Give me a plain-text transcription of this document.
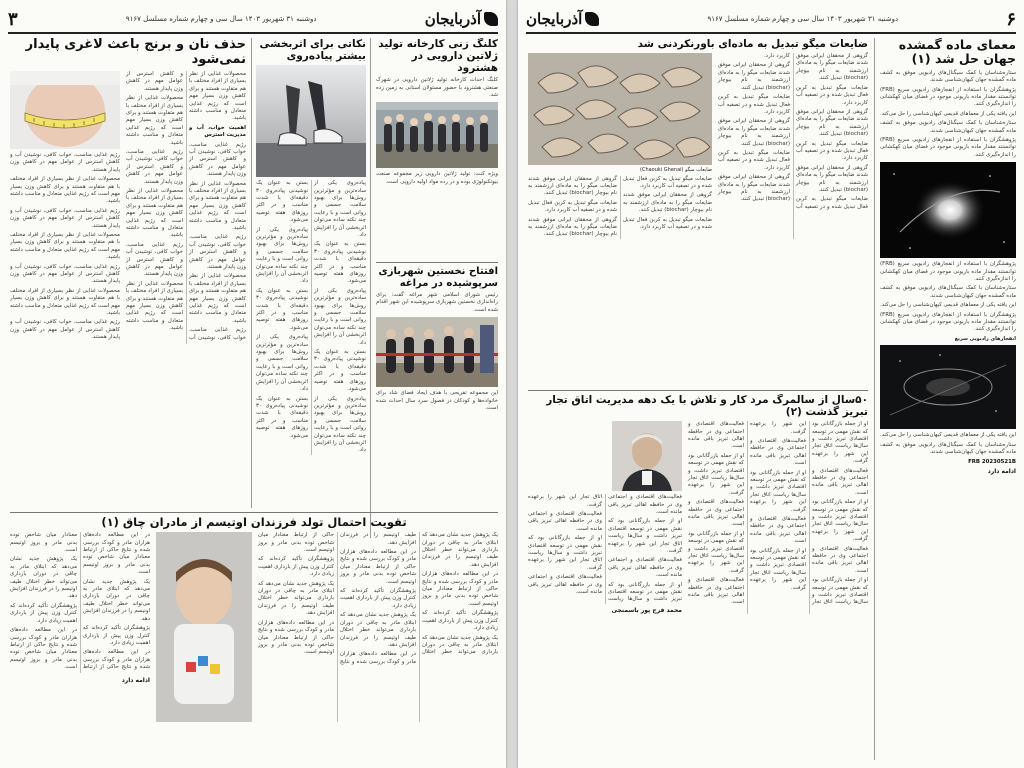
آذربایجان
دوشنبه ۳۱ شهریور ۱۴۰۳ سال سی و چهارم شماره مسلسل ۹۱۶۷
۳
کلنگ زنی کارخانه تولید ژلاتین دارویی در هشترود

کلنگ احداث کارخانه تولید ژلاتین دارویی در شهرک صنعتی هشترود با حضور مسئولان استانی به زمین زده شد.

ویژه کنت: تولید ژلاتین دارویی زیر مجموعه صنعت بیوتکنولوژی بوده و در رده مواد اولیه دارویی است.

افتتاح نخستین شهربازی سرپوشیده در مراغه

رئیس شورای اسلامی شهر مراغه گفت: برای راه‌اندازی نخستین شهربازی سرپوشیده این شهر اقدام شده است.

این مجموعه تفریحی با هدف ایجاد فضای شاد برای خانواده‌ها و کودکان در فصول سرد سال احداث شده است.

نکاتی برای اثربخشی بیشتر پیاده‌روی

پیاده‌روی یکی از ساده‌ترین و مؤثرترین روش‌ها برای بهبود سلامت جسمی و روانی است و با رعایت چند نکته ساده می‌توان اثربخشی آن را افزایش داد.

بستن به عنوان یک نوشیدنی پیاده‌روی ۳۰ دقیقه‌ای با شدت مناسب و در اکثر روزهای هفته توصیه می‌شود.

پیاده‌روی یکی از ساده‌ترین و مؤثرترین روش‌ها برای بهبود سلامت جسمی و روانی است و با رعایت چند نکته ساده می‌توان اثربخشی آن را افزایش داد.

بستن به عنوان یک نوشیدنی پیاده‌روی ۳۰ دقیقه‌ای با شدت مناسب و در اکثر روزهای هفته توصیه می‌شود.

پیاده‌روی یکی از ساده‌ترین و مؤثرترین روش‌ها برای بهبود سلامت جسمی و روانی است و با رعایت چند نکته ساده می‌توان اثربخشی آن را افزایش داد.

بستن به عنوان یک نوشیدنی پیاده‌روی ۳۰ دقیقه‌ای با شدت مناسب و در اکثر روزهای هفته توصیه می‌شود.

پیاده‌روی یکی از ساده‌ترین و مؤثرترین روش‌ها برای بهبود سلامت جسمی و روانی است و با رعایت چند نکته ساده می‌توان اثربخشی آن را افزایش داد.

بستن به عنوان یک نوشیدنی پیاده‌روی ۳۰ دقیقه‌ای با شدت مناسب و در اکثر روزهای هفته توصیه می‌شود.

پیاده‌روی یکی از ساده‌ترین و مؤثرترین روش‌ها برای بهبود سلامت جسمی و روانی است و با رعایت چند نکته ساده می‌توان اثربخشی آن را افزایش داد.

بستن به عنوان یک نوشیدنی پیاده‌روی ۳۰ دقیقه‌ای با شدت مناسب و در اکثر روزهای هفته توصیه می‌شود.

حذف نان و برنج باعث لاغری پایدار نمی‌شود

محصولات غذایی از نظر بسیاری از افراد مختلف با هم متفاوت هستند و برای کاهش وزن بسیار مهم است که رژیم غذایی متعادل و مناسب داشته باشید.

اهمیت خواب، آب و مدیریت استرس

رژیم غذایی مناسب، خواب کافی، نوشیدن آب و کاهش استرس از عوامل مهم در کاهش وزن پایدار هستند.

محصولات غذایی از نظر بسیاری از افراد مختلف با هم متفاوت هستند و برای کاهش وزن بسیار مهم است که رژیم غذایی متعادل و مناسب داشته باشید.

رژیم غذایی مناسب، خواب کافی، نوشیدن آب و کاهش استرس از عوامل مهم در کاهش وزن پایدار هستند.

محصولات غذایی از نظر بسیاری از افراد مختلف با هم متفاوت هستند و برای کاهش وزن بسیار مهم است که رژیم غذایی متعادل و مناسب داشته باشید.

رژیم غذایی مناسب، خواب کافی، نوشیدن آب و کاهش استرس از عوامل مهم در کاهش وزن پایدار هستند.

محصولات غذایی از نظر بسیاری از افراد مختلف با هم متفاوت هستند و برای کاهش وزن بسیار مهم است که رژیم غذایی متعادل و مناسب داشته باشید.

رژیم غذایی مناسب، خواب کافی، نوشیدن آب و کاهش استرس از عوامل مهم در کاهش وزن پایدار هستند.

محصولات غذایی از نظر بسیاری از افراد مختلف با هم متفاوت هستند و برای کاهش وزن بسیار مهم است که رژیم غذایی متعادل و مناسب داشته باشید.

رژیم غذایی مناسب، خواب کافی، نوشیدن آب و کاهش استرس از عوامل مهم در کاهش وزن پایدار هستند.

محصولات غذایی از نظر بسیاری از افراد مختلف با هم متفاوت هستند و برای کاهش وزن بسیار مهم است که رژیم غذایی متعادل و مناسب داشته باشید.

رژیم غذایی مناسب، خواب کافی، نوشیدن آب و کاهش استرس از عوامل مهم در کاهش وزن پایدار هستند.

محصولات غذایی از نظر بسیاری از افراد مختلف با هم متفاوت هستند و برای کاهش وزن بسیار مهم است که رژیم غذایی متعادل و مناسب داشته باشید.

رژیم غذایی مناسب، خواب کافی، نوشیدن آب و کاهش استرس از عوامل مهم در کاهش وزن پایدار هستند.

محصولات غذایی از نظر بسیاری از افراد مختلف با هم متفاوت هستند و برای کاهش وزن بسیار مهم است که رژیم غذایی متعادل و مناسب داشته باشید.

رژیم غذایی مناسب، خواب کافی، نوشیدن آب و کاهش استرس از عوامل مهم در کاهش وزن پایدار هستند.

محصولات غذایی از نظر بسیاری از افراد مختلف با هم متفاوت هستند و برای کاهش وزن بسیار مهم است که رژیم غذایی متعادل و مناسب داشته باشید.

رژیم غذایی مناسب، خواب کافی، نوشیدن آب و کاهش استرس از عوامل مهم در کاهش وزن پایدار هستند.

تقویت احتمال تولد فرزندان اوتیسم از مادران چاق (۱)

یک پژوهش جدید نشان می‌دهد که ابتلای مادر به چاقی در دوران بارداری می‌تواند خطر اختلال طیف اوتیسم را در فرزندان افزایش دهد.

در این مطالعه داده‌های هزاران مادر و کودک بررسی شده و نتایج حاکی از ارتباط معنادار میان شاخص توده بدنی مادر و بروز اوتیسم است.

پژوهشگران تأکید کرده‌اند که کنترل وزن پیش از بارداری اهمیت زیادی دارد.

یک پژوهش جدید نشان می‌دهد که ابتلای مادر به چاقی در دوران بارداری می‌تواند خطر اختلال طیف اوتیسم را در فرزندان افزایش دهد.

در این مطالعه داده‌های هزاران مادر و کودک بررسی شده و نتایج حاکی از ارتباط معنادار میان شاخص توده بدنی مادر و بروز اوتیسم است.

پژوهشگران تأکید کرده‌اند که کنترل وزن پیش از بارداری اهمیت زیادی دارد.

یک پژوهش جدید نشان می‌دهد که ابتلای مادر به چاقی در دوران بارداری می‌تواند خطر اختلال طیف اوتیسم را در فرزندان افزایش دهد.

در این مطالعه داده‌های هزاران مادر و کودک بررسی شده و نتایج حاکی از ارتباط معنادار میان شاخص توده بدنی مادر و بروز اوتیسم است.

پژوهشگران تأکید کرده‌اند که کنترل وزن پیش از بارداری اهمیت زیادی دارد.

یک پژوهش جدید نشان می‌دهد که ابتلای مادر به چاقی در دوران بارداری می‌تواند خطر اختلال طیف اوتیسم را در فرزندان افزایش دهد.

در این مطالعه داده‌های هزاران مادر و کودک بررسی شده و نتایج حاکی از ارتباط معنادار میان شاخص توده بدنی مادر و بروز اوتیسم است.

در این مطالعه داده‌های هزاران مادر و کودک بررسی شده و نتایج حاکی از ارتباط معنادار میان شاخص توده بدنی مادر و بروز اوتیسم است.

یک پژوهش جدید نشان می‌دهد که ابتلای مادر به چاقی در دوران بارداری می‌تواند خطر اختلال طیف اوتیسم را در فرزندان افزایش دهد.

پژوهشگران تأکید کرده‌اند که کنترل وزن پیش از بارداری اهمیت زیادی دارد.

در این مطالعه داده‌های هزاران مادر و کودک بررسی شده و نتایج حاکی از ارتباط معنادار میان شاخص توده بدنی مادر و بروز اوتیسم است.

یک پژوهش جدید نشان می‌دهد که ابتلای مادر به چاقی در دوران بارداری می‌تواند خطر اختلال طیف اوتیسم را در فرزندان افزایش دهد.

پژوهشگران تأکید کرده‌اند که کنترل وزن پیش از بارداری اهمیت زیادی دارد.

در این مطالعه داده‌های هزاران مادر و کودک بررسی شده و نتایج حاکی از ارتباط معنادار میان شاخص توده بدنی مادر و بروز اوتیسم است.

ادامه دارد
۶
دوشنبه ۳۱ شهریور ۱۴۰۳ سال سی و چهارم شماره مسلسل ۹۱۶۷
آذربایجان
معمای ماده گمشده جهان حل شد (۱)

ستاره‌شناسان با کمک سیگنال‌های رادیویی موفق به کشف ماده گمشده جهان کیهان‌شناسی شدند.

پژوهشگران با استفاده از انفجارهای رادیویی سریع (FRB) توانستند مقدار ماده باریونی موجود در فضای میان کهکشانی را اندازه‌گیری کنند.

این یافته یکی از معماهای قدیمی کیهان‌شناسی را حل می‌کند.

ستاره‌شناسان با کمک سیگنال‌های رادیویی موفق به کشف ماده گمشده جهان کیهان‌شناسی شدند.

پژوهشگران با استفاده از انفجارهای رادیویی سریع (FRB) توانستند مقدار ماده باریونی موجود در فضای میان کهکشانی را اندازه‌گیری کنند.

پژوهشگران با استفاده از انفجارهای رادیویی سریع (FRB) توانستند مقدار ماده باریونی موجود در فضای میان کهکشانی را اندازه‌گیری کنند.

ستاره‌شناسان با کمک سیگنال‌های رادیویی موفق به کشف ماده گمشده جهان کیهان‌شناسی شدند.

این یافته یکی از معماهای قدیمی کیهان‌شناسی را حل می‌کند.

پژوهشگران با استفاده از انفجارهای رادیویی سریع (FRB) توانستند مقدار ماده باریونی موجود در فضای میان کهکشانی را اندازه‌گیری کنند.

انفجارهای رادیویی سریع

این یافته یکی از معماهای قدیمی کیهان‌شناسی را حل می‌کند.

ستاره‌شناسان با کمک سیگنال‌های رادیویی موفق به کشف ماده گمشده جهان کیهان‌شناسی شدند.

FRB 20230521B

ادامه دارد
ضایعات میگو تبدیل به ماده‌ای باورنکردنی شد

گروهی از محققان ایرانی موفق شدند ضایعات میگو را به ماده‌ای ارزشمند به نام بیوچار (biochar) تبدیل کنند.

ضایعات میگو تبدیل به کربن فعال تبدیل شده و در تصفیه آب کاربرد دارد.

گروهی از محققان ایرانی موفق شدند ضایعات میگو را به ماده‌ای ارزشمند به نام بیوچار (biochar) تبدیل کنند.

ضایعات میگو تبدیل به کربن فعال تبدیل شده و در تصفیه آب کاربرد دارد.

گروهی از محققان ایرانی موفق شدند ضایعات میگو را به ماده‌ای ارزشمند به نام بیوچار (biochar) تبدیل کنند.

ضایعات میگو تبدیل به کربن فعال تبدیل شده و در تصفیه آب کاربرد دارد.

گروهی از محققان ایرانی موفق شدند ضایعات میگو را به ماده‌ای ارزشمند به نام بیوچار (biochar) تبدیل کنند.

ضایعات میگو تبدیل به کربن فعال تبدیل شده و در تصفیه آب کاربرد دارد.

گروهی از محققان ایرانی موفق شدند ضایعات میگو را به ماده‌ای ارزشمند به نام بیوچار (biochar) تبدیل کنند.

ضایعات میگو تبدیل به کربن فعال تبدیل شده و در تصفیه آب کاربرد دارد.

گروهی از محققان ایرانی موفق شدند ضایعات میگو را به ماده‌ای ارزشمند به نام بیوچار (biochar) تبدیل کنند.

ضایعات میگو (Chaouki Ghenai)

ضایعات میگو تبدیل به کربن فعال تبدیل شده و در تصفیه آب کاربرد دارد.

گروهی از محققان ایرانی موفق شدند ضایعات میگو را به ماده‌ای ارزشمند به نام بیوچار (biochar) تبدیل کنند.

ضایعات میگو تبدیل به کربن فعال تبدیل شده و در تصفیه آب کاربرد دارد.

گروهی از محققان ایرانی موفق شدند ضایعات میگو را به ماده‌ای ارزشمند به نام بیوچار (biochar) تبدیل کنند.

ضایعات میگو تبدیل به کربن فعال تبدیل شده و در تصفیه آب کاربرد دارد.

گروهی از محققان ایرانی موفق شدند ضایعات میگو را به ماده‌ای ارزشمند به نام بیوچار (biochar) تبدیل کنند.

۵۰سال از سالمرگ مرد کار و تلاش با یک دهه مدیریت اتاق تجار تبریز گذشت (۲)

او از جمله بازرگانانی بود که نقش مهمی در توسعه اقتصادی تبریز داشت و سال‌ها ریاست اتاق تجار این شهر را برعهده گرفت.

فعالیت‌های اقتصادی و اجتماعی وی در حافظه اهالی تبریز باقی مانده است.

او از جمله بازرگانانی بود که نقش مهمی در توسعه اقتصادی تبریز داشت و سال‌ها ریاست اتاق تجار این شهر را برعهده گرفت.

فعالیت‌های اقتصادی و اجتماعی وی در حافظه اهالی تبریز باقی مانده است.

او از جمله بازرگانانی بود که نقش مهمی در توسعه اقتصادی تبریز داشت و سال‌ها ریاست اتاق تجار این شهر را برعهده گرفت.

فعالیت‌های اقتصادی و اجتماعی وی در حافظه اهالی تبریز باقی مانده است.

او از جمله بازرگانانی بود که نقش مهمی در توسعه اقتصادی تبریز داشت و سال‌ها ریاست اتاق تجار این شهر را برعهده گرفت.

فعالیت‌های اقتصادی و اجتماعی وی در حافظه اهالی تبریز باقی مانده است.

او از جمله بازرگانانی بود که نقش مهمی در توسعه اقتصادی تبریز داشت و سال‌ها ریاست اتاق تجار این شهر را برعهده گرفت.

فعالیت‌های اقتصادی و اجتماعی وی در حافظه اهالی تبریز باقی مانده است.

او از جمله بازرگانانی بود که نقش مهمی در توسعه اقتصادی تبریز داشت و سال‌ها ریاست اتاق تجار این شهر را برعهده گرفت.

فعالیت‌های اقتصادی و اجتماعی وی در حافظه اهالی تبریز باقی مانده است.

او از جمله بازرگانانی بود که نقش مهمی در توسعه اقتصادی تبریز داشت و سال‌ها ریاست اتاق تجار این شهر را برعهده گرفت.

فعالیت‌های اقتصادی و اجتماعی وی در حافظه اهالی تبریز باقی مانده است.

فعالیت‌های اقتصادی و اجتماعی وی در حافظه اهالی تبریز باقی مانده است.

او از جمله بازرگانانی بود که نقش مهمی در توسعه اقتصادی تبریز داشت و سال‌ها ریاست اتاق تجار این شهر را برعهده گرفت.

فعالیت‌های اقتصادی و اجتماعی وی در حافظه اهالی تبریز باقی مانده است.

او از جمله بازرگانانی بود که نقش مهمی در توسعه اقتصادی تبریز داشت و سال‌ها ریاست اتاق تجار این شهر را برعهده گرفت.

فعالیت‌های اقتصادی و اجتماعی وی در حافظه اهالی تبریز باقی مانده است.

او از جمله بازرگانانی بود که نقش مهمی در توسعه اقتصادی تبریز داشت و سال‌ها ریاست اتاق تجار این شهر را برعهده گرفت.

فعالیت‌های اقتصادی و اجتماعی وی در حافظه اهالی تبریز باقی مانده است.

محمد فرج پور باسمنجی
